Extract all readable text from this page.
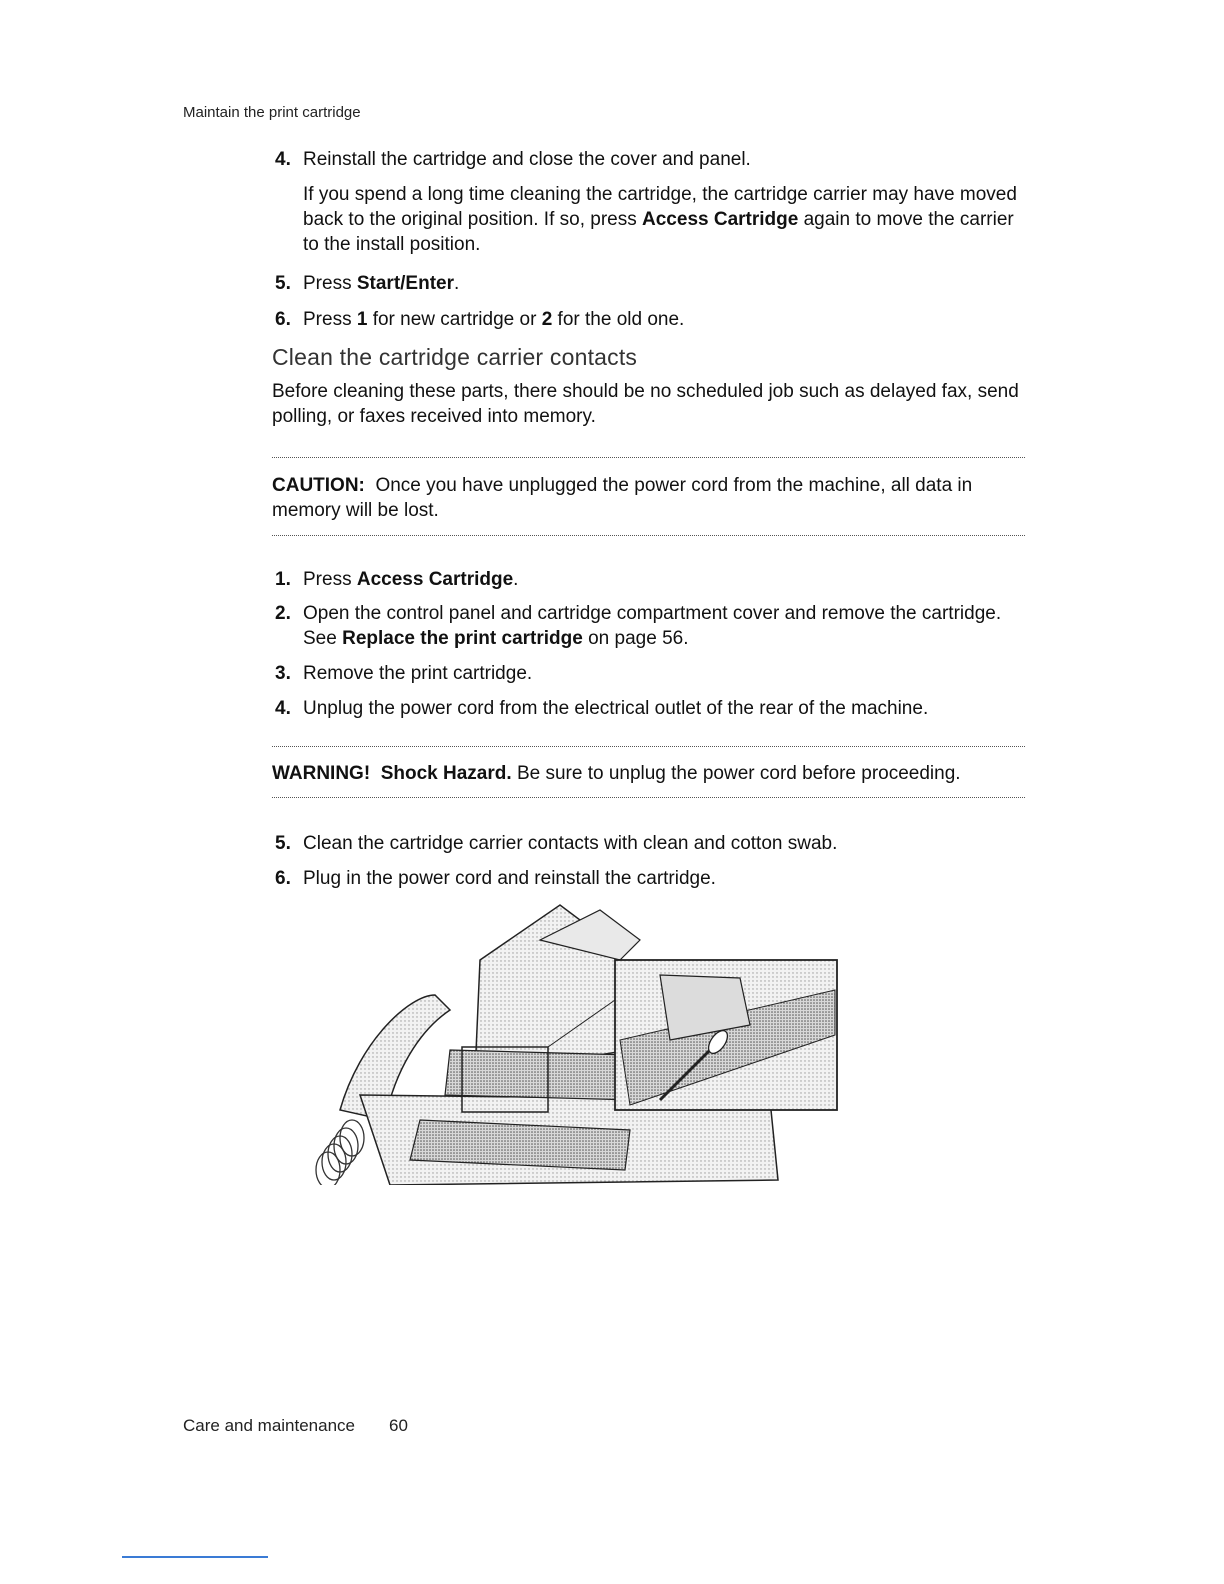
Maintain the print cartridge
4. Reinstall the cartridge and close the cover and panel.
If you spend a long time cleaning the cartridge, the cartridge carrier may have moved back to the original position. If so, press Access Cartridge again to move the carrier to the install position.
5. Press Start/Enter.
6. Press 1 for new cartridge or 2 for the old one.
Clean the cartridge carrier contacts
Before cleaning these parts, there should be no scheduled job such as delayed fax, send polling, or faxes received into memory.
CAUTION: Once you have unplugged the power cord from the machine, all data in memory will be lost.
1. Press Access Cartridge.
2. Open the control panel and cartridge compartment cover and remove the cartridge.
See Replace the print cartridge on page 56.
3. Remove the print cartridge.
4. Unplug the power cord from the electrical outlet of the rear of the machine.
WARNING! Shock Hazard. Be sure to unplug the power cord before proceeding.
5. Clean the cartridge carrier contacts with clean and cotton swab.
6. Plug in the power cord and reinstall the cartridge.
Care and maintenance 60
